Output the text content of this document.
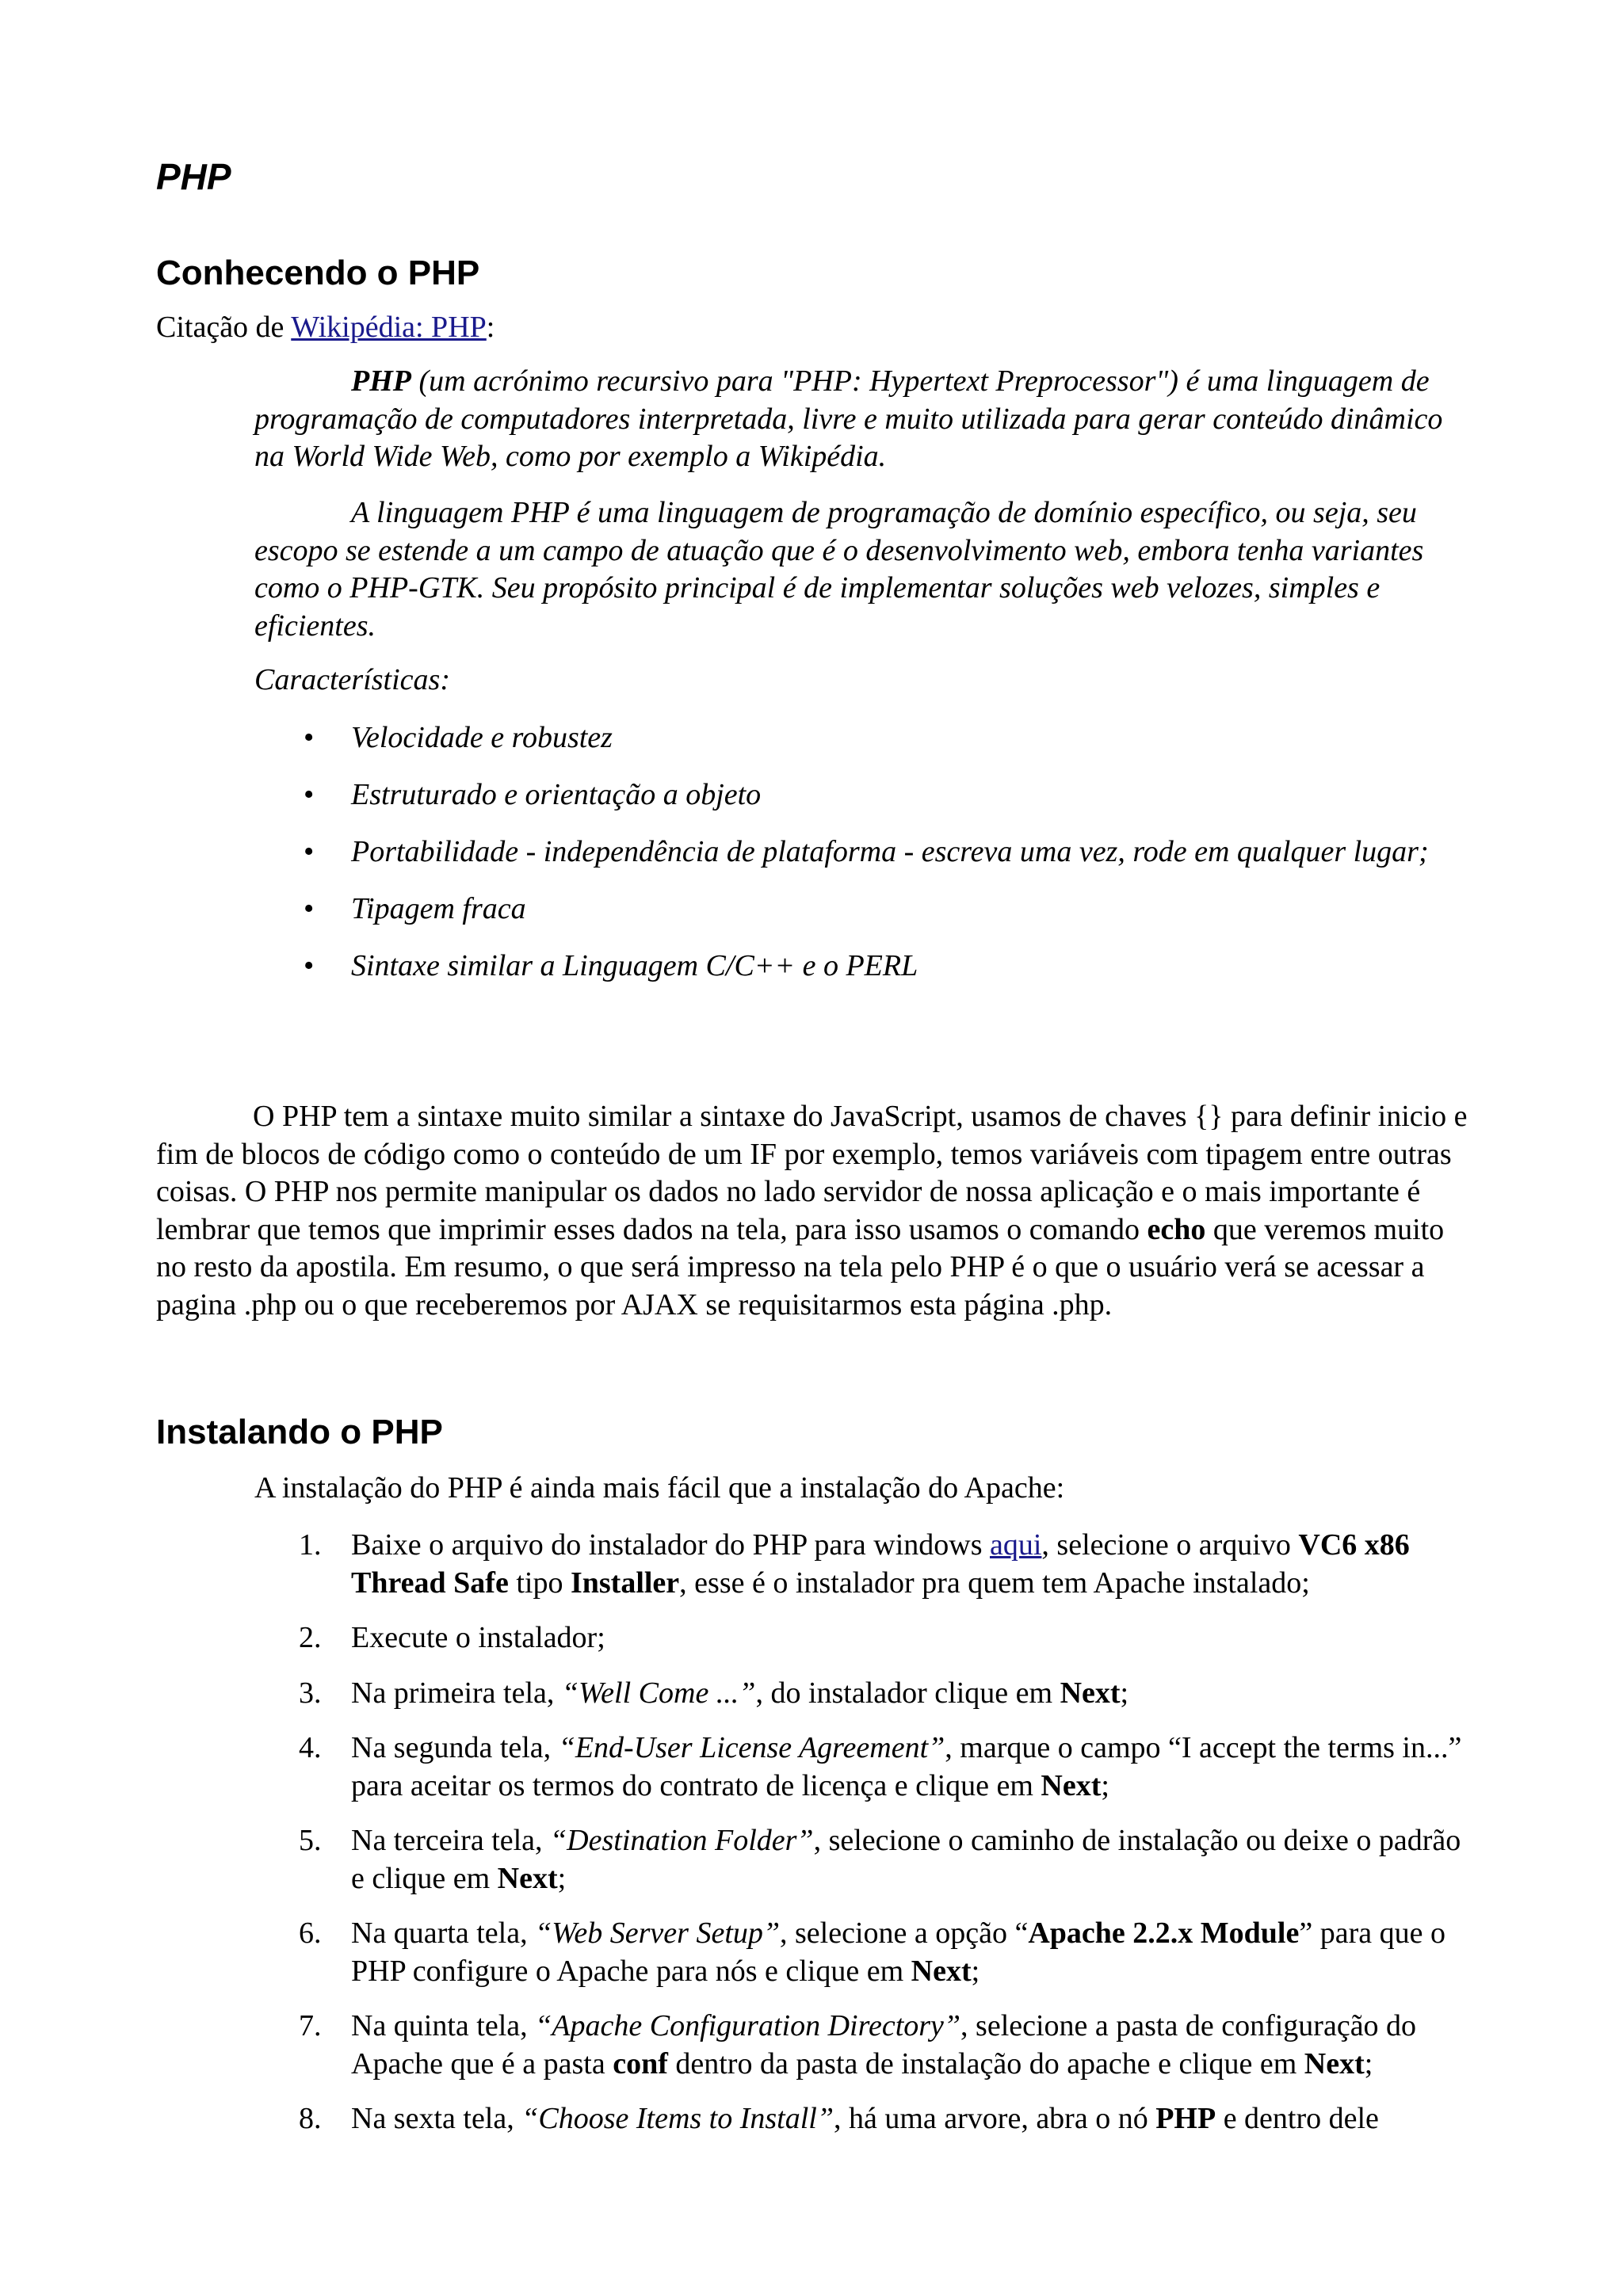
PHP
Conhecendo o PHP

Citação de Wikipédia: PHP:

PHP (um acrónimo recursivo para "PHP: Hypertext Preprocessor") é uma linguagem de programação de computadores interpretada, livre e muito utilizada para gerar conteúdo dinâmico na World Wide Web, como por exemplo a Wikipédia.

A linguagem PHP é uma linguagem de programação de domínio específico, ou seja, seu escopo se estende a um campo de atuação que é o desenvolvimento web, embora tenha variantes como o PHP-GTK. Seu propósito principal é de implementar soluções web velozes, simples e eficientes.

Características:

• Velocidade e robustez
• Estruturado e orientação a objeto
• Portabilidade - independência de plataforma - escreva uma vez, rode em qualquer lugar;
• Tipagem fraca
• Sintaxe similar a Linguagem C/C++ e o PERL

O PHP tem a sintaxe muito similar a sintaxe do JavaScript, usamos de chaves {} para definir inicio e fim de blocos de código como o conteúdo de um IF por exemplo, temos variáveis com tipagem entre outras coisas. O PHP nos permite manipular os dados no lado servidor de nossa aplicação e o mais importante é lembrar que temos que imprimir esses dados na tela, para isso usamos o comando echo que veremos muito no resto da apostila. Em resumo, o que será impresso na tela pelo PHP é o que o usuário verá se acessar a pagina .php ou o que receberemos por AJAX se requisitarmos esta página .php.

Instalando o PHP

A instalação do PHP é ainda mais fácil que a instalação do Apache:

1. Baixe o arquivo do instalador do PHP para windows aqui, selecione o arquivo VC6 x86 Thread Safe tipo Installer, esse é o instalador pra quem tem Apache instalado;
2. Execute o instalador;
3. Na primeira tela, “Well Come ...”, do instalador clique em Next;
4. Na segunda tela, “End-User License Agreement”, marque o campo “I accept the terms in...” para aceitar os termos do contrato de licença e clique em Next;
5. Na terceira tela, “Destination Folder”, selecione o caminho de instalação ou deixe o padrão e clique em Next;
6. Na quarta tela, “Web Server Setup”, selecione a opção “Apache 2.2.x Module” para que o PHP configure o Apache para nós e clique em Next;
7. Na quinta tela, “Apache Configuration Directory”, selecione a pasta de configuração do Apache que é a pasta conf dentro da pasta de instalação do apache e clique em Next;
8. Na sexta tela, “Choose Items to Install”, há uma arvore, abra o nó PHP e dentro dele
